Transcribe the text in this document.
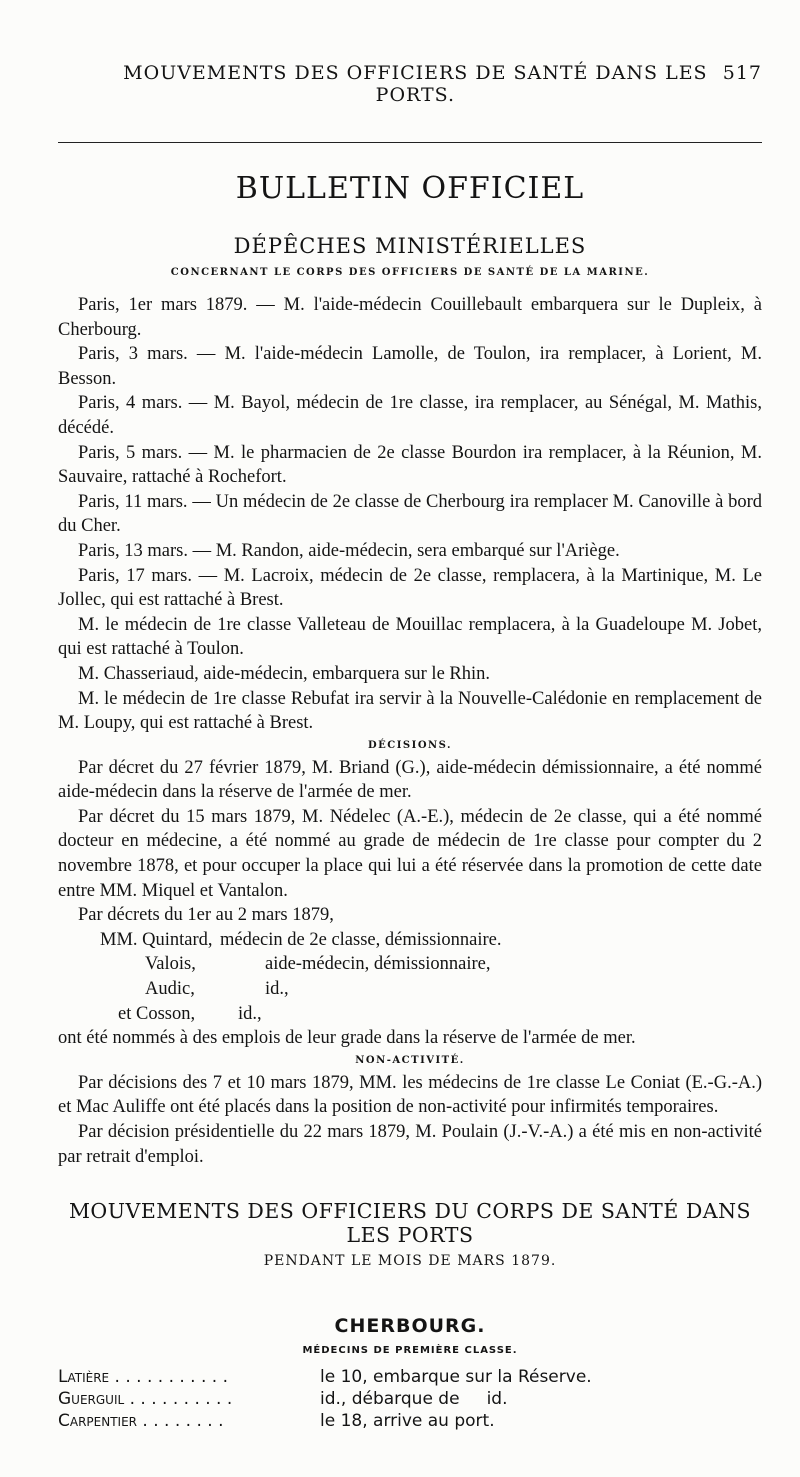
MOUVEMENTS DES OFFICIERS DE SANTÉ DANS LES PORTS.
517
BULLETIN OFFICIEL
DÉPÊCHES MINISTÉRIELLES
CONCERNANT LE CORPS DES OFFICIERS DE SANTÉ DE LA MARINE.

Paris, 1er mars 1879. — M. l'aide-médecin Couillebault embarquera sur le Dupleix, à Cherbourg.

Paris, 3 mars. — M. l'aide-médecin Lamolle, de Toulon, ira remplacer, à Lorient, M. Besson.

Paris, 4 mars. — M. Bayol, médecin de 1re classe, ira remplacer, au Sénégal, M. Mathis, décédé.

Paris, 5 mars. — M. le pharmacien de 2e classe Bourdon ira remplacer, à la Réunion, M. Sauvaire, rattaché à Rochefort.

Paris, 11 mars. — Un médecin de 2e classe de Cherbourg ira remplacer M. Canoville à bord du Cher.

Paris, 13 mars. — M. Randon, aide-médecin, sera embarqué sur l'Ariège.

Paris, 17 mars. — M. Lacroix, médecin de 2e classe, remplacera, à la Martinique, M. Le Jollec, qui est rattaché à Brest.

M. le médecin de 1re classe Valleteau de Mouillac remplacera, à la Guadeloupe M. Jobet, qui est rattaché à Toulon.

M. Chasseriaud, aide-médecin, embarquera sur le Rhin.

M. le médecin de 1re classe Rebufat ira servir à la Nouvelle-Calédonie en remplacement de M. Loupy, qui est rattaché à Brest.

DÉCISIONS.

Par décret du 27 février 1879, M. Briand (G.), aide-médecin démissionnaire, a été nommé aide-médecin dans la réserve de l'armée de mer.

Par décret du 15 mars 1879, M. Nédelec (A.-E.), médecin de 2e classe, qui a été nommé docteur en médecine, a été nommé au grade de médecin de 1re classe pour compter du 2 novembre 1878, et pour occuper la place qui lui a été réservée dans la promotion de cette date entre MM. Miquel et Vantalon.

Par décrets du 1er au 2 mars 1879,

MM. Quintard, médecin de 2e classe, démissionnaire.
Valois,	aide-médecin, démissionnaire,
Audic,	id.,
et Cosson,	id.,

ont été nommés à des emplois de leur grade dans la réserve de l'armée de mer.

NON-ACTIVITÉ.

Par décisions des 7 et 10 mars 1879, MM. les médecins de 1re classe Le Coniat (E.-G.-A.) et Mac Auliffe ont été placés dans la position de non-activité pour infirmités temporaires.

Par décision présidentielle du 22 mars 1879, M. Poulain (J.-V.-A.) a été mis en non-activité par retrait d'emploi.

MOUVEMENTS DES OFFICIERS DU CORPS DE SANTÉ DANS LES PORTS
PENDANT LE MOIS DE MARS 1879.
CHERBOURG.
MÉDECINS DE PREMIÈRE CLASSE.
Latière . . . . . . . . . . .	le 10, embarque sur la Réserve.
Guerguil . . . . . . . . . .	id., débarque de     id.
Carpentier . . . . . . . .	le 18, arrive au port.
